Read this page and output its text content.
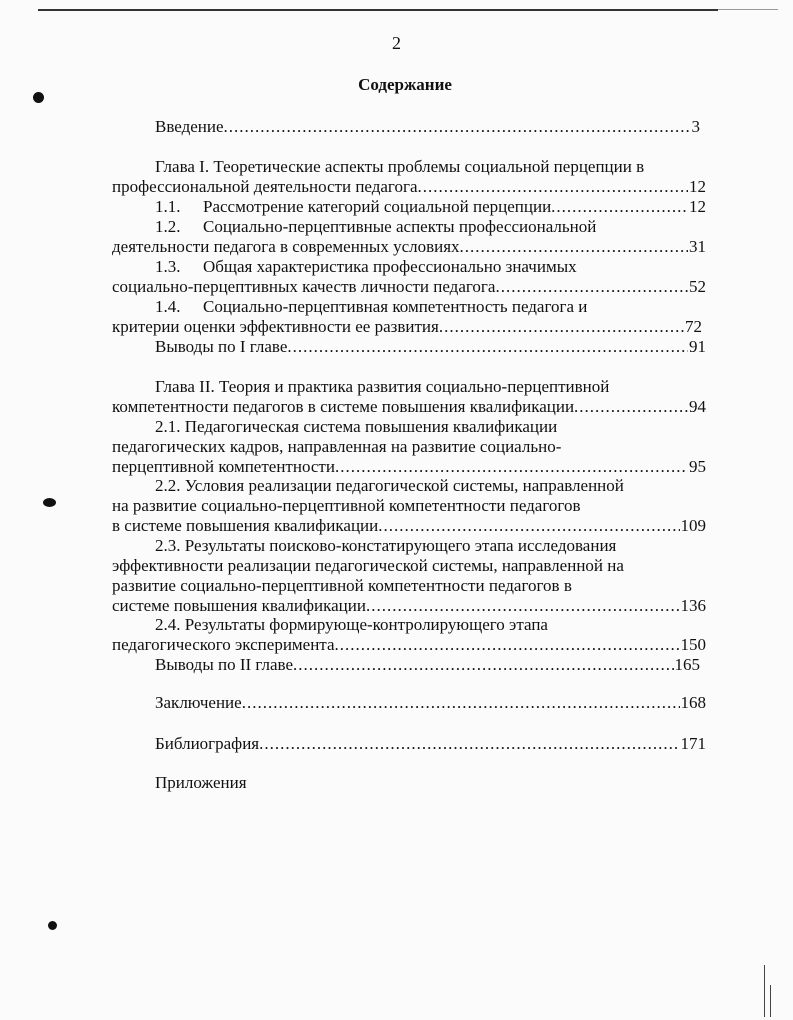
2
Содержание
Введение .....	3
Глава I. Теоретические аспекты проблемы социальной перцепции в
профессиональной деятельности педагога .....	12
1.1.	Рассмотрение категорий социальной перцепции .....	12
1.2. Социально-перцептивные аспекты профессиональной
деятельности педагога в современных условиях .....	31
1.3. Общая характеристика профессионально значимых
социально-перцептивных качеств личности педагога .....	52
1.4. Социально-перцептивная компетентность педагога и
критерии оценки эффективности ее развития .....	72
Выводы по I главе .....	91
Глава II. Теория и практика развития социально-перцептивной
компетентности педагогов в системе повышения квалификации .....	94
2.1. Педагогическая система повышения квалификации
педагогических кадров, направленная на развитие социально-
перцептивной компетентности .....	95
2.2. Условия реализации педагогической системы, направленной
на развитие социально-перцептивной компетентности педагогов
в системе повышения квалификации .....	109
2.3. Результаты поисково-констатирующего этапа исследования
эффективности реализации педагогической системы, направленной на
развитие социально-перцептивной компетентности педагогов в
системе повышения квалификации .....	136
2.4. Результаты формирующе-контролирующего этапа
педагогического эксперимента .....	150
Выводы по II главе .....	165
Заключение .....	168
Библиография .....	171
Приложения
